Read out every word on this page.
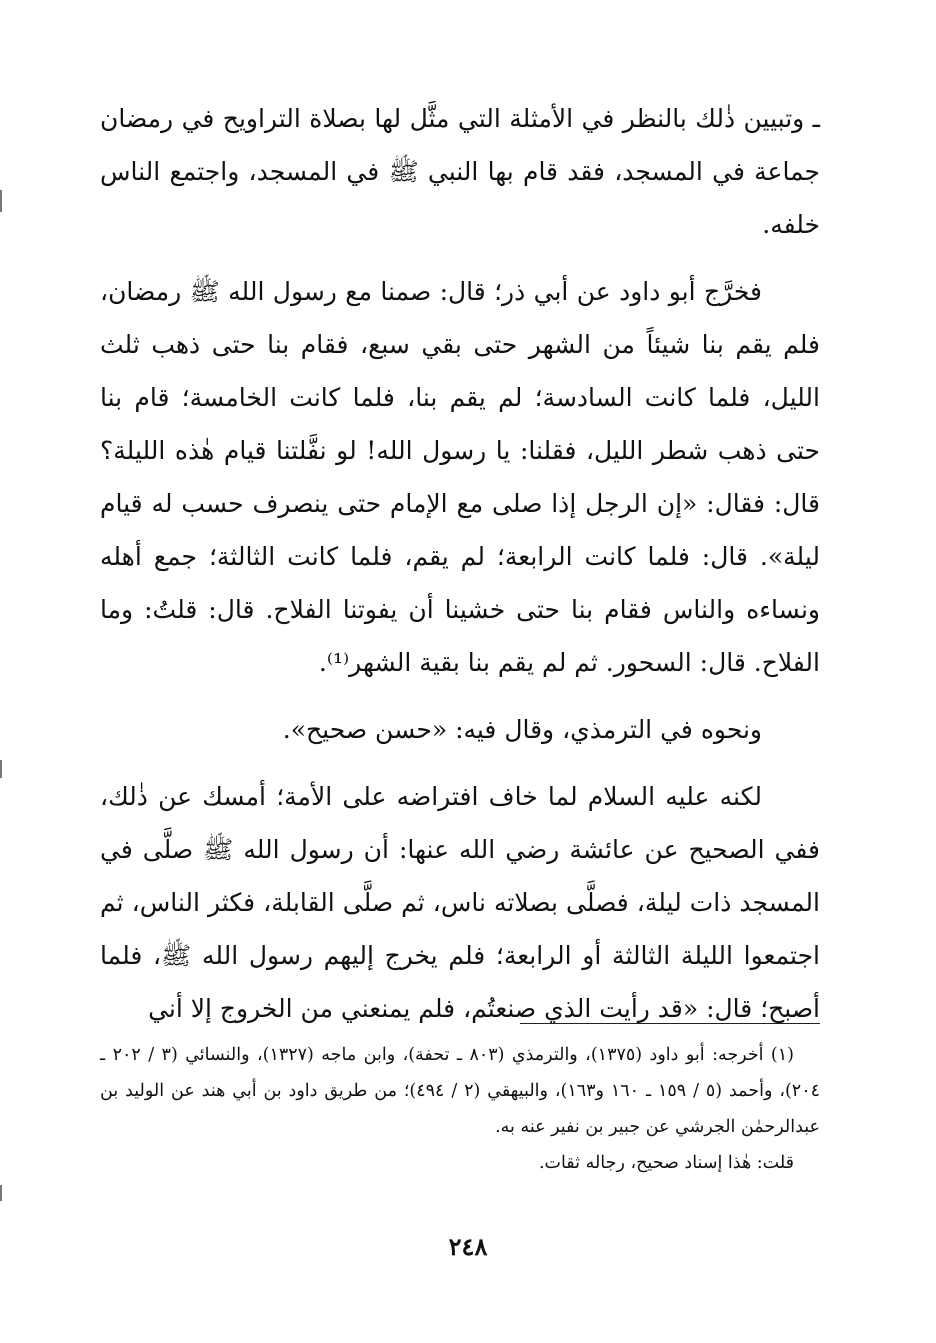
ـ وتبيين ذٰلك بالنظر في الأمثلة التي مثَّل لها بصلاة التراويح في رمضان جماعة في المسجد، فقد قام بها النبي ﷺ في المسجد، واجتمع الناس خلفه.

فخرَّج أبو داود عن أبي ذر؛ قال: صمنا مع رسول الله ﷺ رمضان، فلم يقم بنا شيئاً من الشهر حتى بقي سبع، فقام بنا حتى ذهب ثلث الليل، فلما كانت السادسة؛ لم يقم بنا، فلما كانت الخامسة؛ قام بنا حتى ذهب شطر الليل، فقلنا: يا رسول الله! لو نفَّلتنا قيام هٰذه الليلة؟ قال: فقال: «إن الرجل إذا صلى مع الإمام حتى ينصرف حسب له قيام ليلة». قال: فلما كانت الرابعة؛ لم يقم، فلما كانت الثالثة؛ جمع أهله ونساءه والناس فقام بنا حتى خشينا أن يفوتنا الفلاح. قال: قلتُ: وما الفلاح. قال: السحور. ثم لم يقم بنا بقية الشهر⁽¹⁾.

ونحوه في الترمذي، وقال فيه: «حسن صحيح».

لكنه عليه السلام لما خاف افتراضه على الأمة؛ أمسك عن ذٰلك، ففي الصحيح عن عائشة رضي الله عنها: أن رسول الله ﷺ صلَّى في المسجد ذات ليلة، فصلَّى بصلاته ناس، ثم صلَّى القابلة، فكثر الناس، ثم اجتمعوا الليلة الثالثة أو الرابعة؛ فلم يخرج إليهم رسول الله ﷺ، فلما أصبح؛ قال: «قد رأيت الذي صنعتُم، فلم يمنعني من الخروج إلا أني

(١) أخرجه: أبو داود (١٣٧٥)، والترمذي (٨٠٣ ـ تحفة)، وابن ماجه (١٣٢٧)، والنسائي (٣ / ٢٠٢ ـ ٢٠٤)، وأحمد (٥ / ١٥٩ ـ ١٦٠ و١٦٣)، والبيهقي (٢ / ٤٩٤)؛ من طريق داود بن أبي هند عن الوليد بن عبدالرحمٰن الجرشي عن جبير بن نفير عنه به.

قلت: هٰذا إسناد صحيح، رجاله ثقات.

٢٤٨
